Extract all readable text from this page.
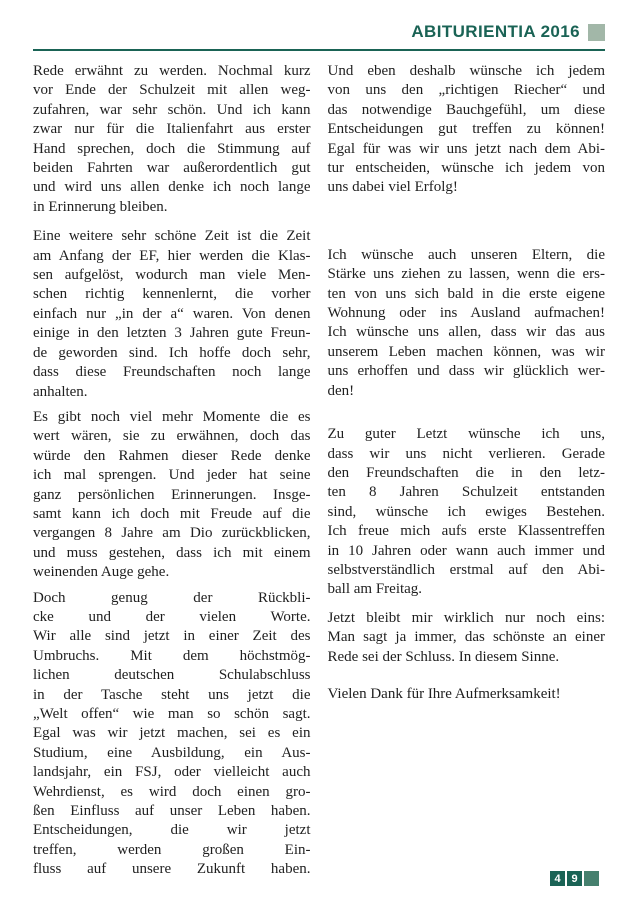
ABITURIENTIA 2016
Rede erwähnt zu werden. Nochmal kurz
vor Ende der Schulzeit mit allen weg-
zufahren, war sehr schön. Und ich kann
zwar nur für die Italienfahrt aus erster
Hand sprechen, doch die Stimmung auf
beiden Fahrten war außerordentlich gut
und wird uns allen denke ich noch lange
in Erinnerung bleiben.
Eine weitere sehr schöne Zeit ist die Zeit
am Anfang der EF, hier werden die Klas-
sen aufgelöst, wodurch man viele Men-
schen richtig kennenlernt, die vorher
einfach nur „in der a“ waren. Von denen
einige in den letzten 3 Jahren gute Freun-
de geworden sind. Ich hoffe doch sehr,
dass diese Freundschaften noch lange
anhalten.
Es gibt noch viel mehr Momente die es
wert wären, sie zu erwähnen, doch das
würde den Rahmen dieser Rede denke
ich mal sprengen. Und jeder hat seine
ganz persönlichen Erinnerungen. Insge-
samt kann ich doch mit Freude auf die
vergangen 8 Jahre am Dio zurückblicken,
und muss gestehen, dass ich mit einem
weinenden Auge gehe.
Doch genug der Rückbli-
cke und der vielen Worte.
Wir alle sind jetzt in einer Zeit des
Umbruchs. Mit dem höchstmög-
lichen deutschen Schulabschluss
in der Tasche steht uns jetzt die
„Welt offen“ wie man so schön sagt.
Egal was wir jetzt machen, sei es ein
Studium, eine Ausbildung, ein Aus-
landsjahr, ein FSJ, oder vielleicht auch
Wehrdienst, es wird doch einen gro-
ßen Einfluss auf unser Leben haben.
Entscheidungen, die wir jetzt
treffen, werden großen Ein-
fluss auf unsere Zukunft haben.
Und eben deshalb wünsche ich jedem
von uns den „richtigen Riecher“ und
das notwendige Bauchgefühl, um diese
Entscheidungen gut treffen zu können!
Egal für was wir uns jetzt nach dem Abi-
tur entscheiden, wünsche ich jedem von
uns dabei viel Erfolg!
Ich wünsche auch unseren Eltern, die
Stärke uns ziehen zu lassen, wenn die ers-
ten von uns sich bald in die erste eigene
Wohnung oder ins Ausland aufmachen!
Ich wünsche uns allen, dass wir das aus
unserem Leben machen können, was wir
uns erhoffen und dass wir glücklich wer-
den!
Zu guter Letzt wünsche ich uns,
dass wir uns nicht verlieren. Gerade
den Freundschaften die in den letz-
ten 8 Jahren Schulzeit entstanden
sind, wünsche ich ewiges Bestehen.
Ich freue mich aufs erste Klassentreffen
in 10 Jahren oder wann auch immer und
selbstverständlich erstmal auf den Abi-
ball am Freitag.
Jetzt bleibt mir wirklich nur noch eins:
Man sagt ja immer, das schönste an einer
Rede sei der Schluss. In diesem Sinne.
Vielen Dank für Ihre Aufmerksamkeit!
4 9
